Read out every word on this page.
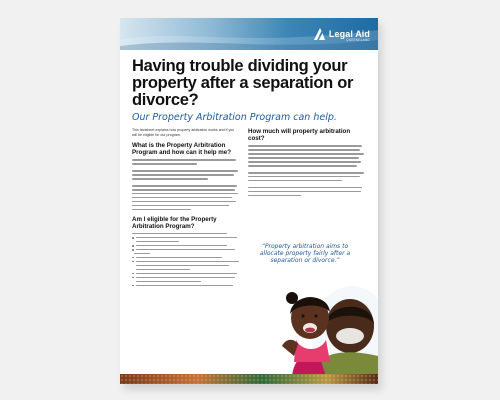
Legal Aid
QUEENSLAND
Having trouble dividing your property after a separation or divorce?

Our Property Arbitration Program can help.

This factsheet explains how property arbitration works and if you will be eligible for our program.

What is the Property Arbitration Program and how can it help me?
Am I eligible for the Property Arbitration Program?
How much will property arbitration cost?

“Property arbitration aims to allocate property fairly after a separation or divorce.”
